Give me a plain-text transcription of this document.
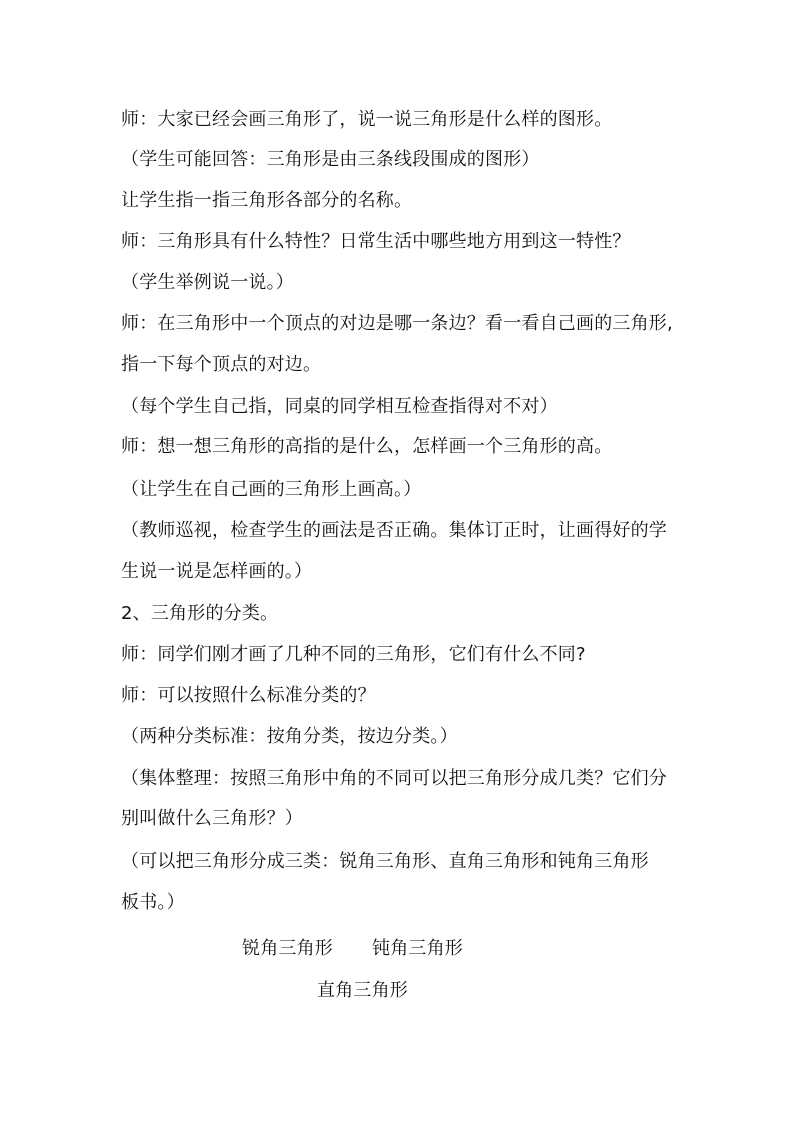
师：大家已经会画三角形了，说一说三角形是什么样的图形。
（学生可能回答：三角形是由三条线段围成的图形）
让学生指一指三角形各部分的名称。
师：三角形具有什么特性？日常生活中哪些地方用到这一特性？
（学生举例说一说。）
师：在三角形中一个顶点的对边是哪一条边？看一看自己画的三角形,
指一下每个顶点的对边。
（每个学生自己指，同桌的同学相互检查指得对不对）
师：想一想三角形的高指的是什么，怎样画一个三角形的高。
（让学生在自己画的三角形上画高。）
（教师巡视，检查学生的画法是否正确。集体订正时，让画得好的学
生说一说是怎样画的。）
2、三角形的分类。
师：同学们刚才画了几种不同的三角形，它们有什么不同?
师：可以按照什么标准分类的？
（两种分类标准：按角分类，按边分类。）
（集体整理：按照三角形中角的不同可以把三角形分成几类？它们分
别叫做什么三角形？）
（可以把三角形分成三类：锐角三角形、直角三角形和钝角三角形
板书。）
锐角三角形 钝角三角形
直角三角形
